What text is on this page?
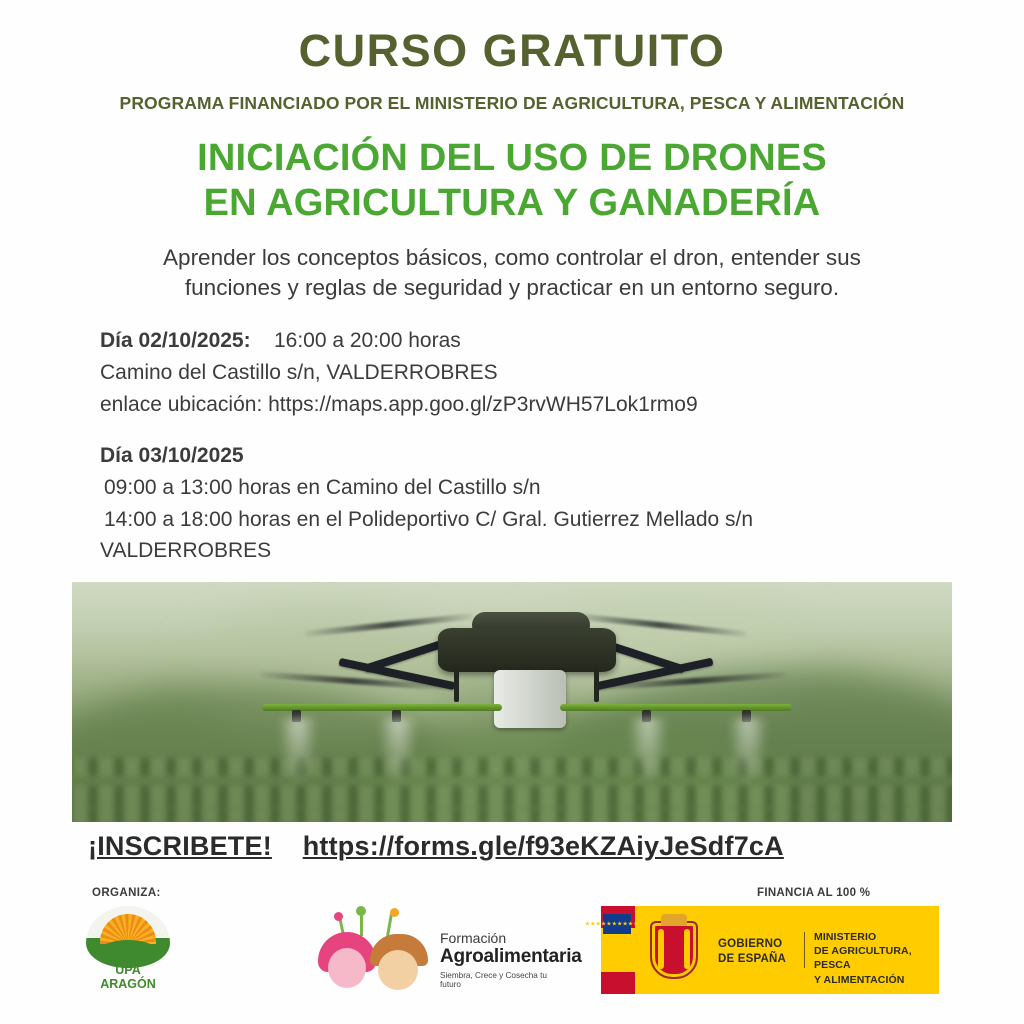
CURSO GRATUITO
PROGRAMA FINANCIADO POR EL MINISTERIO DE AGRICULTURA, PESCA Y ALIMENTACIÓN
INICIACIÓN DEL USO DE DRONES
EN AGRICULTURA Y GANADERÍA
Aprender los conceptos básicos, como controlar el dron, entender sus
funciones y reglas de seguridad y practicar en un entorno seguro.
Día 02/10/2025: 16:00 a 20:00 horas
Camino del Castillo s/n, VALDERROBRES
enlace ubicación: https://maps.app.goo.gl/zP3rvWH57Lok1rmo9
Día 03/10/2025
09:00 a 13:00 horas en Camino del Castillo s/n
14:00 a 18:00 horas en el Polideportivo C/ Gral. Gutierrez Mellado s/n
VALDERROBRES
¡INSCRIBETE! https://forms.gle/f93eKZAiyJeSdf7cA
ORGANIZA:	FINANCIA AL 100 %
UPA
ARAGÓN
Formación
Agroalimentaria
Siembra, Crece y Cosecha tu futuro
★★★★★★★★★★★★
GOBIERNO
DE ESPAÑA
MINISTERIO
DE AGRICULTURA, PESCA
Y ALIMENTACIÓN
